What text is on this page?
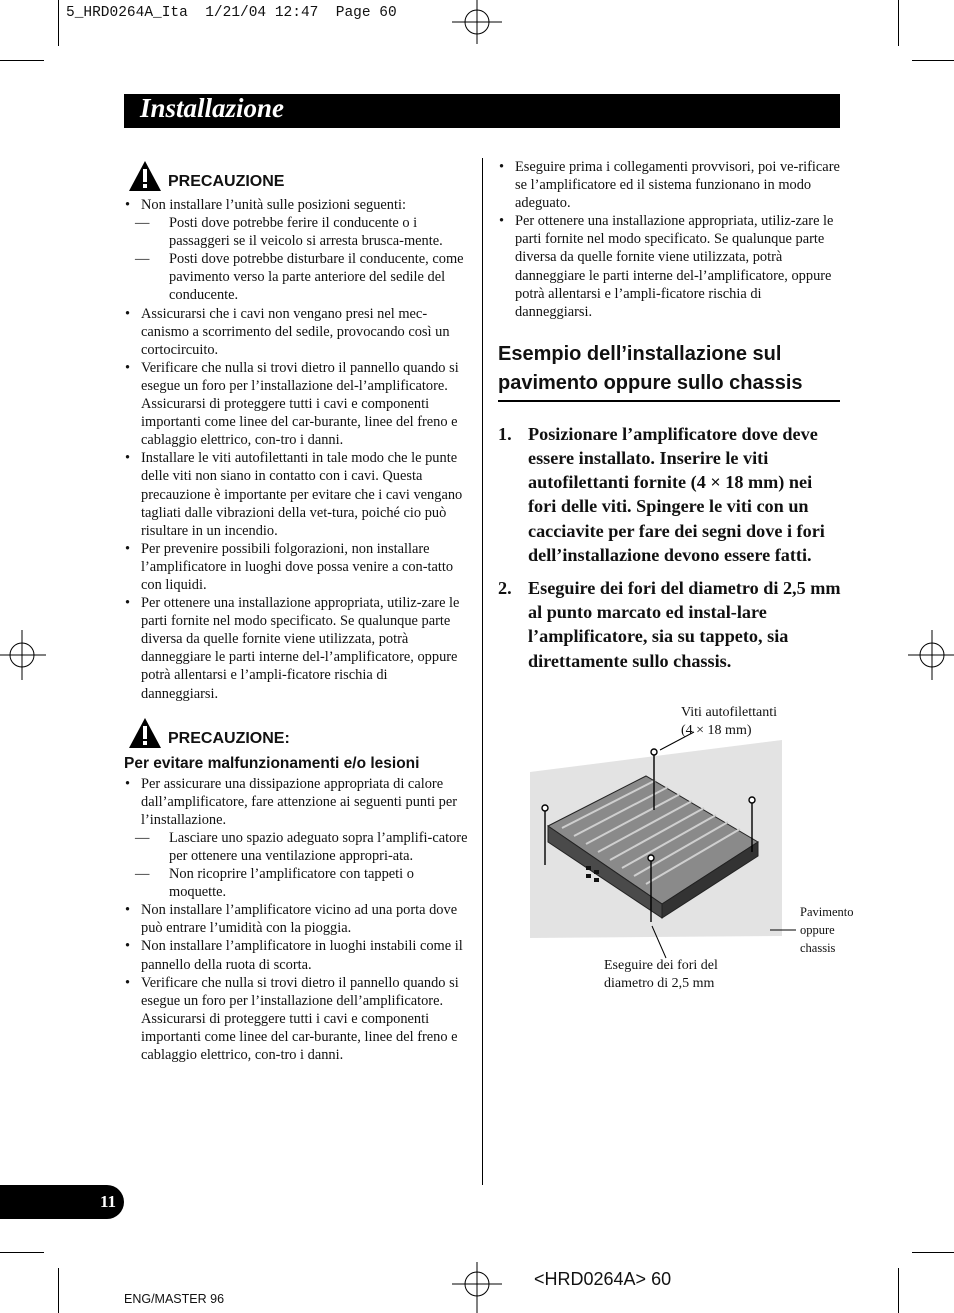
5_HRD0264A_Ita  1/21/04 12:47  Page 60
Installazione
PRECAUZIONE
• Non installare l’unità sulle posizioni seguenti:
— Posti dove potrebbe ferire il conducente o i passaggeri se il veicolo si arresta brusca-mente.
— Posti dove potrebbe disturbare il conducente, come pavimento verso la parte anteriore del sedile del conducente.
• Assicurarsi che i cavi non vengano presi nel mec-canismo a scorrimento del sedile, provocando così un cortocircuito.
• Verificare che nulla si trovi dietro il pannello quando si esegue un foro per l’installazione del-l’amplificatore. Assicurarsi di proteggere tutti i cavi e componenti importanti come linee del car-burante, linee del freno e cablaggio elettrico, con-tro i danni.
• Installare le viti autofilettanti in tale modo che le punte delle viti non siano in contatto con i cavi. Questa precauzione è importante per evitare che i cavi vengano tagliati dalle vibrazioni della vet-tura, poiché cio può risultare in un incendio.
• Per prevenire possibili folgorazioni, non installare l’amplificatore in luoghi dove possa venire a con-tatto con liquidi.
• Per ottenere una installazione appropriata, utiliz-zare le parti fornite nel modo specificato. Se qualunque parte diversa da quelle fornite viene utilizzata, potrà danneggiare le parti interne del-l’amplificatore, oppure potrà allentarsi e l’ampli-ficatore rischia di danneggiarsi.
PRECAUZIONE:
Per evitare malfunzionamenti e/o lesioni
• Per assicurare una dissipazione appropriata di calore dall’amplificatore, fare attenzione ai seguenti punti per l’installazione.
— Lasciare uno spazio adeguato sopra l’amplifi-catore per ottenere una ventilazione appropri-ata.
— Non ricoprire l’amplificatore con tappeti o moquette.
• Non installare l’amplificatore vicino ad una porta dove può entrare l’umidità con la pioggia.
• Non installare l’amplificatore in luoghi instabili come il pannello della ruota di scorta.
• Verificare che nulla si trovi dietro il pannello quando si esegue un foro per l’installazione dell’amplificatore. Assicurarsi di proteggere tutti i cavi e componenti importanti come linee del car-burante, linee del freno e cablaggio elettrico, con-tro i danni.
• Eseguire prima i collegamenti provvisori, poi ve-rificare se l’amplificatore ed il sistema funzionano in modo adeguato.
• Per ottenere una installazione appropriata, utiliz-zare le parti fornite nel modo specificato. Se qualunque parte diversa da quelle fornite viene utilizzata, potrà danneggiare le parti interne del-l’amplificatore, oppure potrà allentarsi e l’ampli-ficatore rischia di danneggiarsi.
Esempio dell’installazione sul pavimento oppure sullo chassis
1. Posizionare l’amplificatore dove deve essere installato. Inserire le viti autofilettanti fornite (4 × 18 mm) nei fori delle viti. Spingere le viti con un cacciavite per fare dei segni dove i fori dell’installazione devono essere fatti.
2. Eseguire dei fori del diametro di 2,5 mm al punto marcato ed instal-lare l’amplificatore, sia su tappeto, sia direttamente sullo chassis.
Viti autofilettanti
(4 × 18 mm)
Pavimento
oppure
chassis
Eseguire dei fori del
diametro di 2,5 mm
11
<HRD0264A> 60
ENG/MASTER 96
